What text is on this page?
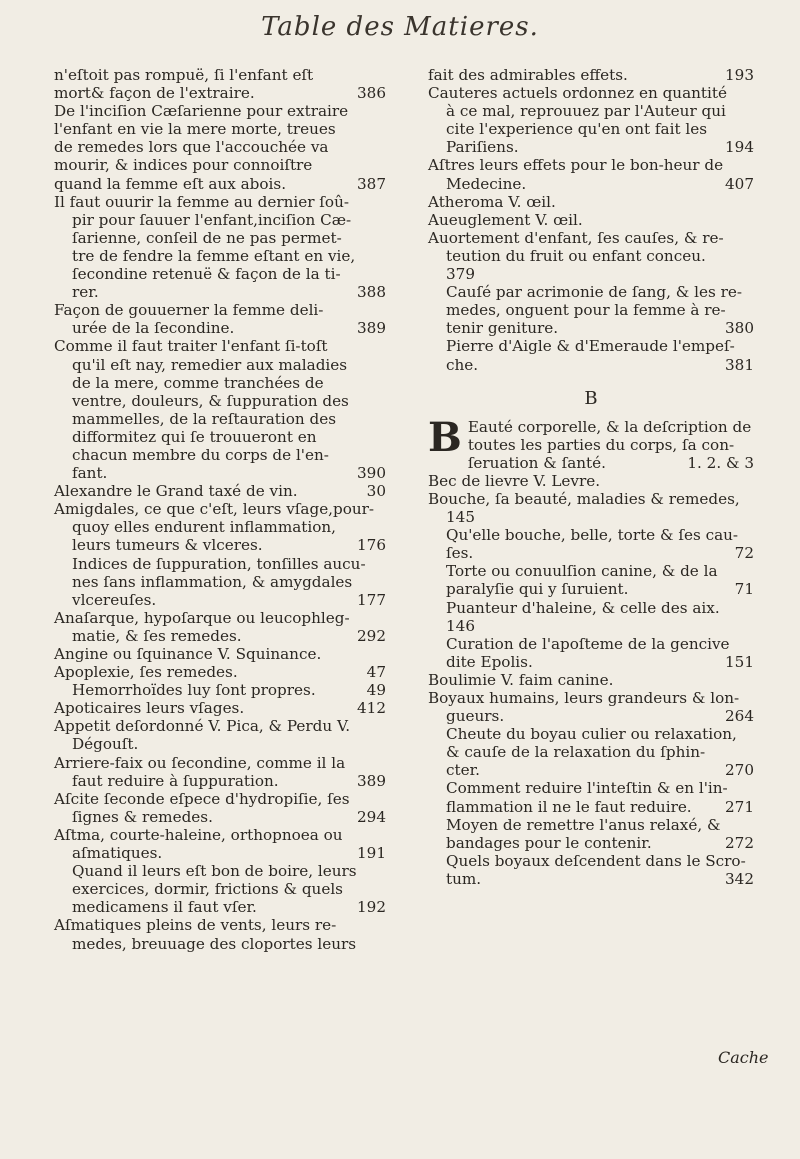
Table des Matieres.
n'eſtoit pas rompuë, ſi l'enfant eſt
mort& façon de l'extraire.	386
De l'inciſion Cæſarienne pour extraire
l'enfant en vie la mere morte, treues
de remedes lors que l'accouchée va
mourir, & indices pour connoiſtre
quand la femme eſt aux abois.	387
Il faut ouurir la femme au dernier ſoû-
pir pour ſauuer l'enfant,inciſion Cæ-
ſarienne, conſeil de ne pas permet-
tre de fendre la femme eſtant en vie,
ſecondine retenuë & façon de la ti-
rer.	388
Façon de gouuerner la femme deli-
urée de la ſecondine.	389
Comme il faut traiter l'enfant ſi-toſt
qu'il eſt nay, remedier aux maladies
de la mere, comme tranchées de
ventre, douleurs, & ſuppuration des
mammelles, de la reſtauration des
difformitez qui ſe trouueront en
chacun membre du corps de l'en-
fant.	390
Alexandre le Grand taxé de vin.	30
Amigdales, ce que c'eſt, leurs vſage,pour-
quoy elles endurent inflammation,
leurs tumeurs & vlceres.	176
Indices de ſuppuration, tonſilles aucu-
nes ſans inflammation, & amygdales
vlcereuſes.	177
Anaſarque, hypoſarque ou leucophleg-
matie, & ſes remedes.	292
Angine ou ſquinance V. Squinance.
Apoplexie, ſes remedes.	47
Hemorrhoïdes luy ſont propres.	49
Apoticaires leurs vſages.	412
Appetit deſordonné V. Pica, & Perdu V.
Dégouſt.
Arriere-faix ou ſecondine, comme il la
faut reduire à ſuppuration.	389
Aſcite ſeconde eſpece d'hydropiſie, ſes
ſignes & remedes.	294
Aſtma, courte-haleine, orthopnoea ou
aſmatiques.	191
Quand il leurs eſt bon de boire, leurs
exercices, dormir, frictions & quels
medicamens il faut vſer.	192
Aſmatiques pleins de vents, leurs re-
medes, breuuage des cloportes leurs
fait des admirables effets.	193
Cauteres actuels ordonnez en quantité
à ce mal, reprouuez par l'Auteur qui
cite l'experience qu'en ont fait les
Pariſiens.	194
Aſtres leurs effets pour le bon-heur de
Medecine.	407
Atheroma V. œil.
Aueuglement V. œil.
Auortement d'enfant, ſes cauſes, & re-
teution du fruit ou enfant conceu.
379
Cauſé par acrimonie de ſang, & les re-
medes, onguent pour la femme à re-
tenir geniture.	380
Pierre d'Aigle & d'Emeraude l'empeſ-
che.	381
B
B Eauté corporelle, & la deſcription de
toutes les parties du corps, ſa con-
ſeruation & ſanté.	1. 2. & 3
Bec de lievre V. Levre.
Bouche, ſa beauté, maladies & remedes,
145
Qu'elle bouche, belle, torte & ſes cau-
ſes.	72
Torte ou conuulſion canine, & de la
paralyſie qui y ſuruient.	71
Puanteur d'haleine, & celle des aix.
146
Curation de l'apoſteme de la gencive
dite Epolis.	151
Boulimie V. faim canine.
Boyaux humains, leurs grandeurs & lon-
gueurs.	264
Cheute du boyau culier ou relaxation,
& cauſe de la relaxation du ſphin-
cter.	270
Comment reduire l'inteſtin & en l'in-
flammation il ne le faut reduire. 271
Moyen de remettre l'anus relaxé, &
bandages pour le contenir.	272
Quels boyaux deſcendent dans le Scro-
tum.	342
Cache
